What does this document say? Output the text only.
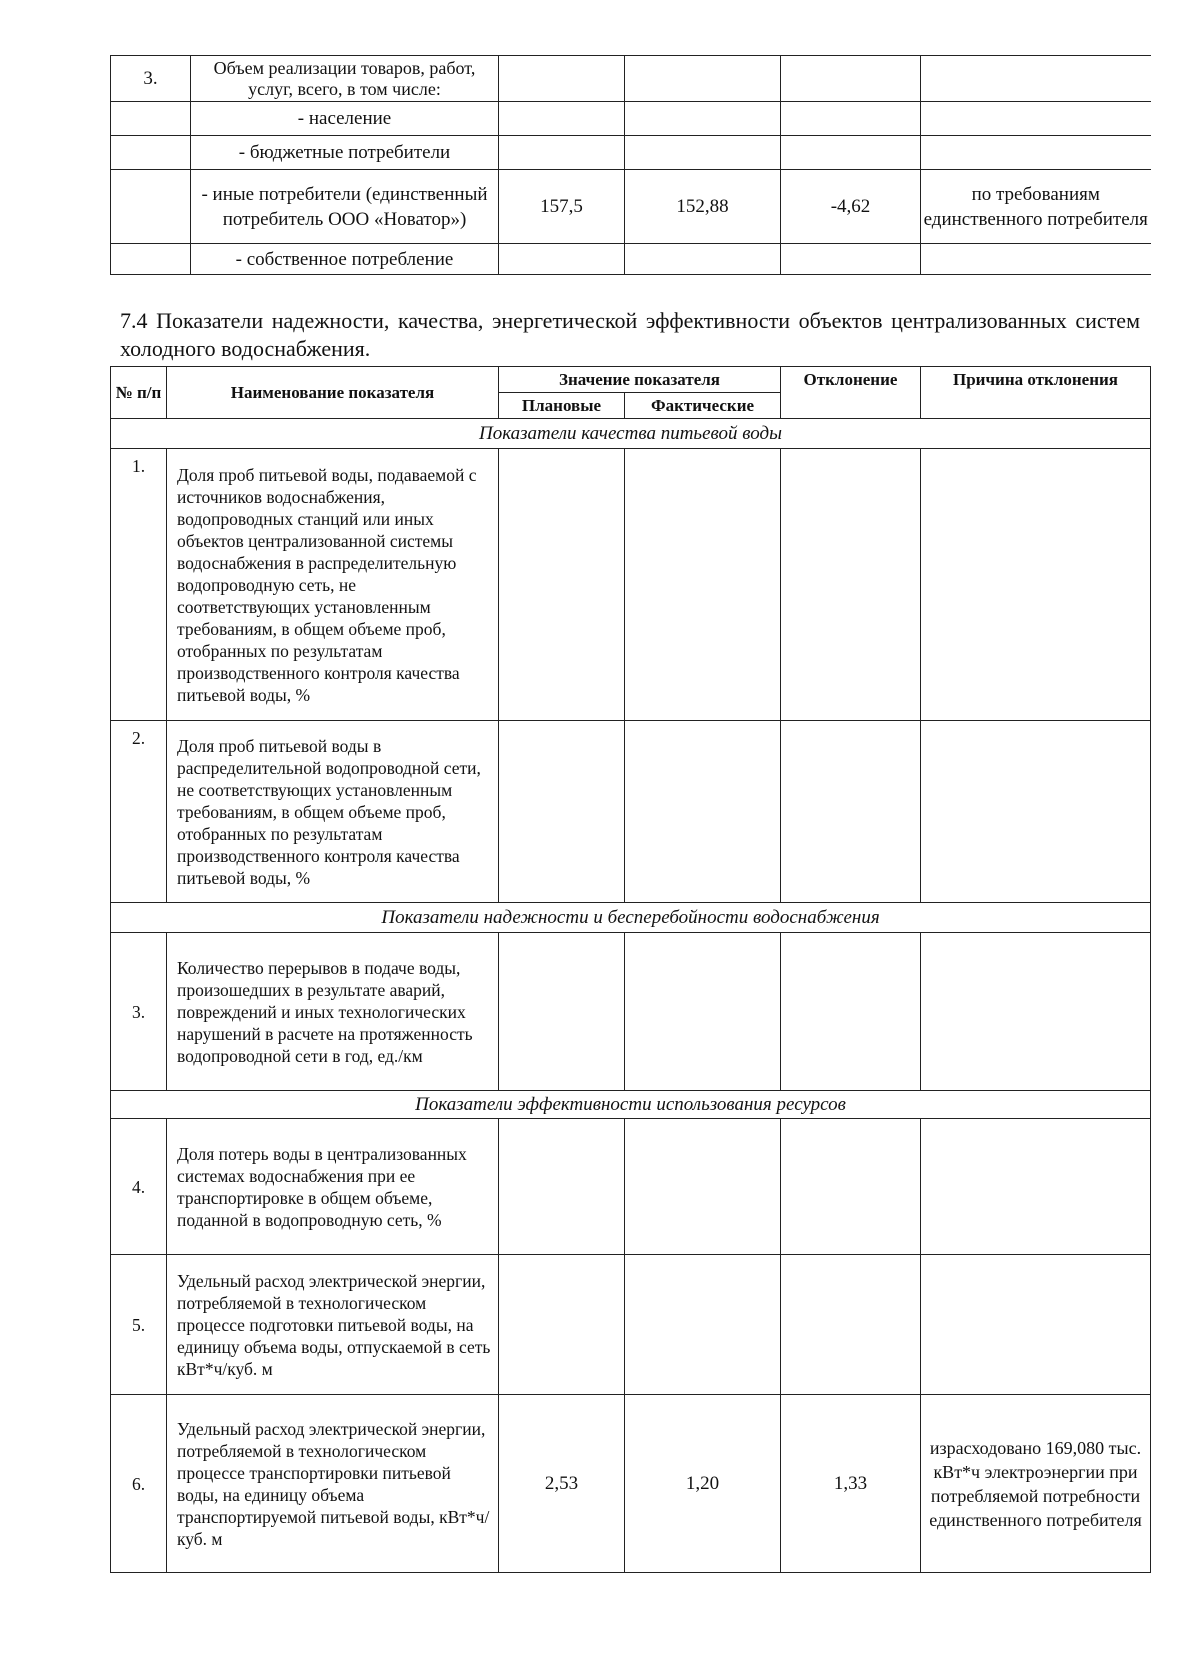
3.	Объем реализации товаров, работ, услуг, всего, в том числе:				
	- население				
	- бюджетные потребители				
	- иные потребители (единственный потребитель ООО «Новатор»)	157,5	152,88	-4,62	по требованиям единственного потребителя
	- собственное потребление				

7.4 Показатели надежности, качества, энергетической эффективности объектов централизованных систем холодного водоснабжения.

№ п/п	Наименование показателя	Значение показателя		Отклонение	Причина отклонения
		Плановые	Фактические		
Показатели качества питьевой воды					
1.	Доля проб питьевой воды, подаваемой с источников водоснабжения, водопроводных станций или иных объектов централизованной системы водоснабжения в распределительную водопроводную сеть, не соответствующих установленным требованиям, в общем объеме проб, отобранных по результатам производственного контроля качества питьевой воды, %				
2.	Доля проб питьевой воды в распределительной водопроводной сети, не соответствующих установленным требованиям, в общем объеме проб, отобранных по результатам производственного контроля качества питьевой воды, %				
Показатели надежности и бесперебойности водоснабжения					
3.	Количество перерывов в подаче воды, произошедших в результате аварий, повреждений и иных технологических нарушений в расчете на протяженность водопроводной сети в год, ед./км				
Показатели эффективности использования ресурсов					
4.	Доля потерь воды в централизованных системах водоснабжения при ее транспортировке в общем объеме, поданной в водопроводную сеть, %				
5.	Удельный расход электрической энергии, потребляемой в технологическом процессе подготовки питьевой воды, на единицу объема воды, отпускаемой в сеть кВт*ч/куб. м				
6.	Удельный расход электрической энергии, потребляемой в технологическом процессе транспортировки питьевой воды, на единицу объема транспортируемой питьевой воды, кВт*ч/куб. м	2,53	1,20	1,33	израсходовано 169,080 тыс. кВт*ч электроэнергии при потребляемой потребности единственного потребителя
